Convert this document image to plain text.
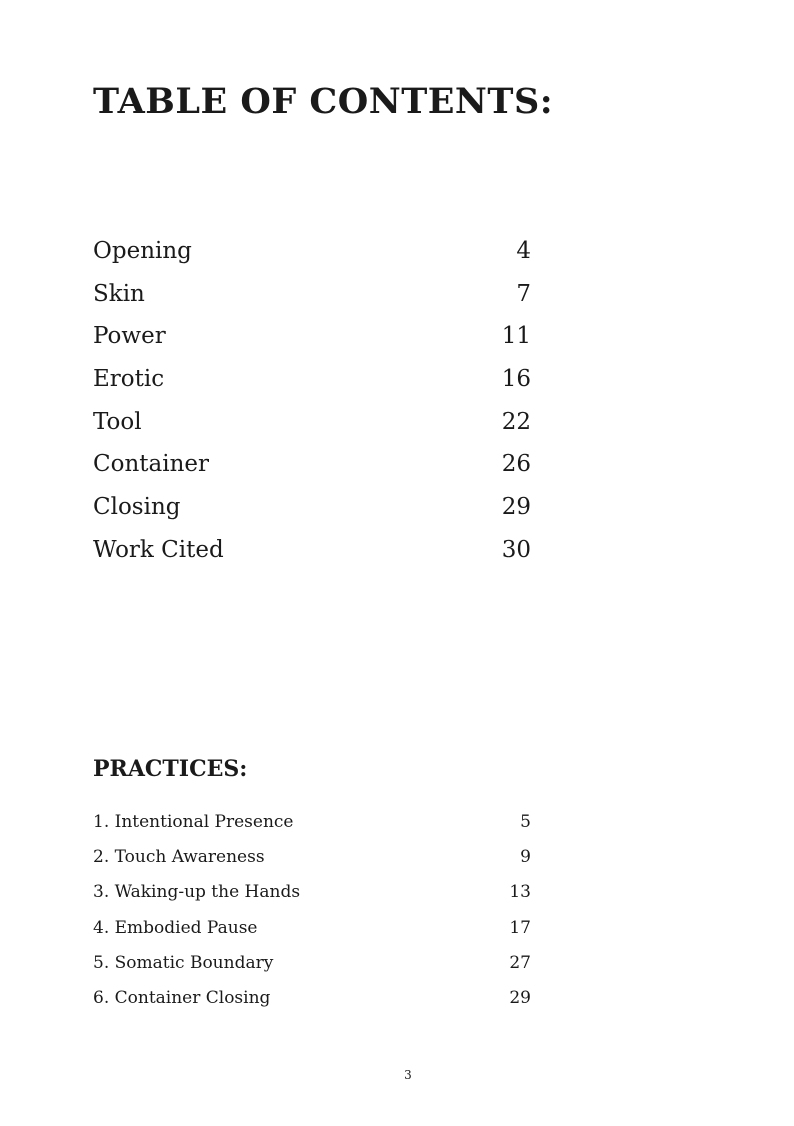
TABLE OF CONTENTS:
Opening	4
Skin	7
Power	11
Erotic	16
Tool	22
Container	26
Closing	29
Work Cited	30
PRACTICES:
1. Intentional Presence	5
2. Touch Awareness	9
3. Waking-up the Hands	13
4. Embodied Pause	17
5. Somatic Boundary	27
6. Container Closing	29
3
